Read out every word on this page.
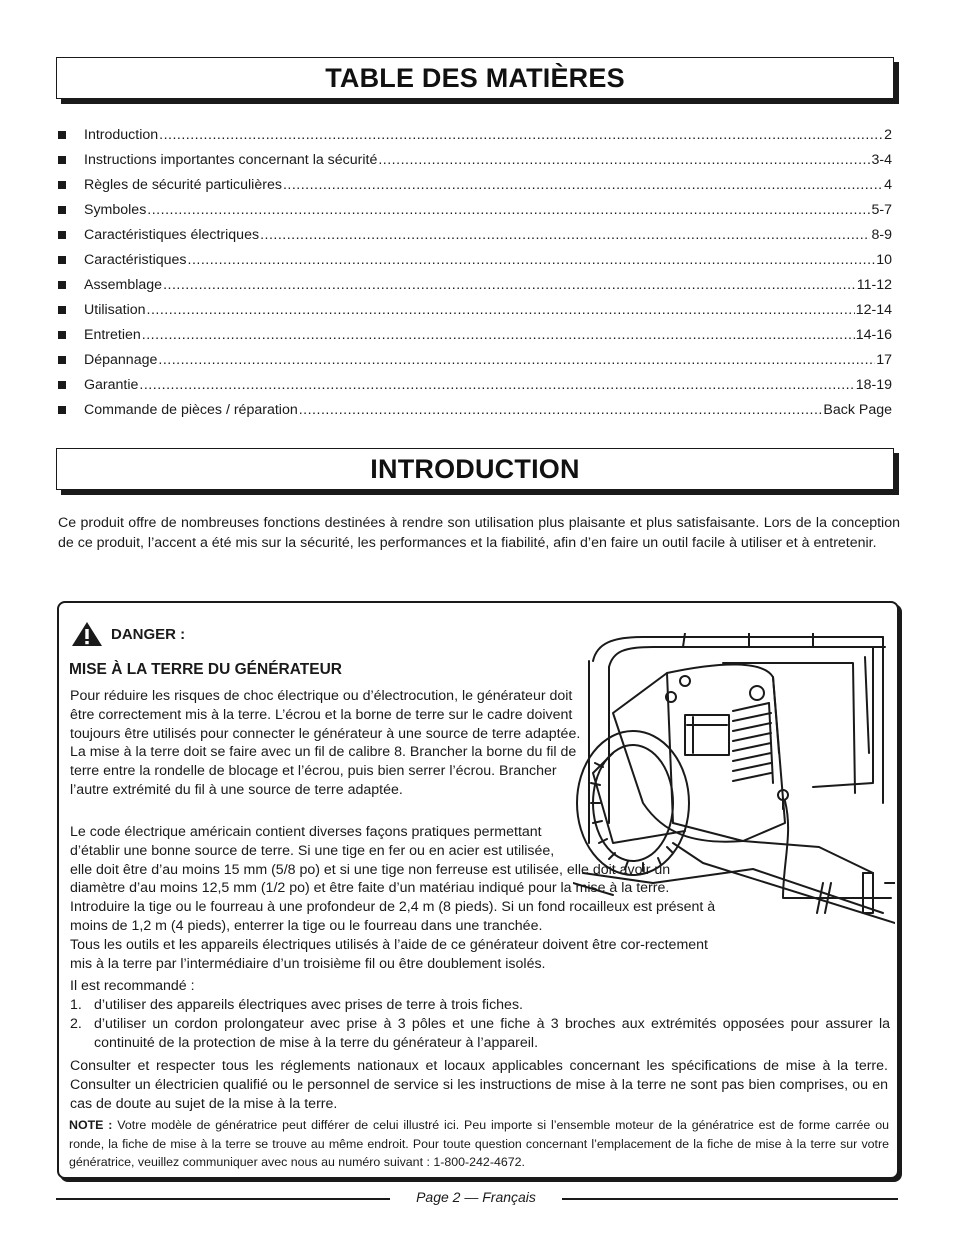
TABLE DES MATIÈRES
Introduction .....	2
Instructions importantes concernant la sécurité .....	3-4
Règles de sécurité particulières .....	4
Symboles .....	5-7
Caractéristiques électriques .....	8-9
Caractéristiques .....	10
Assemblage .....	11-12
Utilisation .....	12-14
Entretien .....	14-16
Dépannage .....	17
Garantie .....	18-19
Commande de pièces / réparation .....	Back Page
INTRODUCTION

Ce produit offre de nombreuses fonctions destinées à rendre son utilisation plus plaisante et plus satisfaisante. Lors de la conception de ce produit, l’accent a été mis sur la sécurité, les performances et la fiabilité, afin d’en faire un outil facile à utiliser et à entretenir.

DANGER :
MISE À LA TERRE DU GÉNÉRATEUR

Pour réduire les risques de choc électrique ou d’électrocution, le générateur doit être correctement mis à la terre. L’écrou et la borne de terre sur le cadre doivent toujours être utilisés pour connecter le générateur à une source de terre adaptée. La mise à la terre doit se faire avec un fil de calibre 8. Brancher la borne du fil de terre entre la rondelle de blocage et l’écrou, puis bien serrer l’écrou. Brancher l’autre extrémité du fil à une source de terre adaptée.

Le code électrique américain contient diverses façons pratiques permettant d’établir une bonne source de terre. Si une tige en fer ou en acier est utilisée,
elle doit être d’au moins 15 mm (5/8 po) et si une tige non ferreuse est utilisée, elle doit avoir un diamètre d’au moins 12,5 mm (1/2 po) et être faite d’un matériau indiqué pour la mise à la terre. Introduire la tige ou le fourreau à une profondeur de 2,4 m (8 pieds). Si un fond rocailleux est présent à moins de 1,2 m (4 pieds), enterrer la tige ou le fourreau dans une tranchée.
Tous les outils et les appareils électriques utilisés à l’aide de ce générateur doivent être cor-rectement mis à la terre par l’intermédiaire d’un troisième fil ou être doublement isolés.

Il est recommandé :

1. d’utiliser des appareils électriques avec prises de terre à trois fiches.
2. d’utiliser un cordon prolongateur avec prise à 3 pôles et une fiche à 3 broches aux extrémités opposées pour assurer la continuité de la protection de mise à la terre du générateur à l’appareil.

Consulter et respecter tous les réglements nationaux et locaux applicables concernant les spécifications de mise à la terre. Consulter un électricien qualifié ou le personnel de service si les instructions de mise à la terre ne sont pas bien comprises, ou en cas de doute au sujet de la mise à la terre.

NOTE : Votre modèle de génératrice peut différer de celui illustré ici. Peu importe si l’ensemble moteur de la génératrice est de forme carrée ou ronde, la fiche de mise à la terre se trouve au même endroit. Pour toute question concernant l’emplacement de la fiche de mise à la terre sur votre génératrice, veuillez communiquer avec nous au numéro suivant : 1-800-242-4672.

Page 2 — Français
